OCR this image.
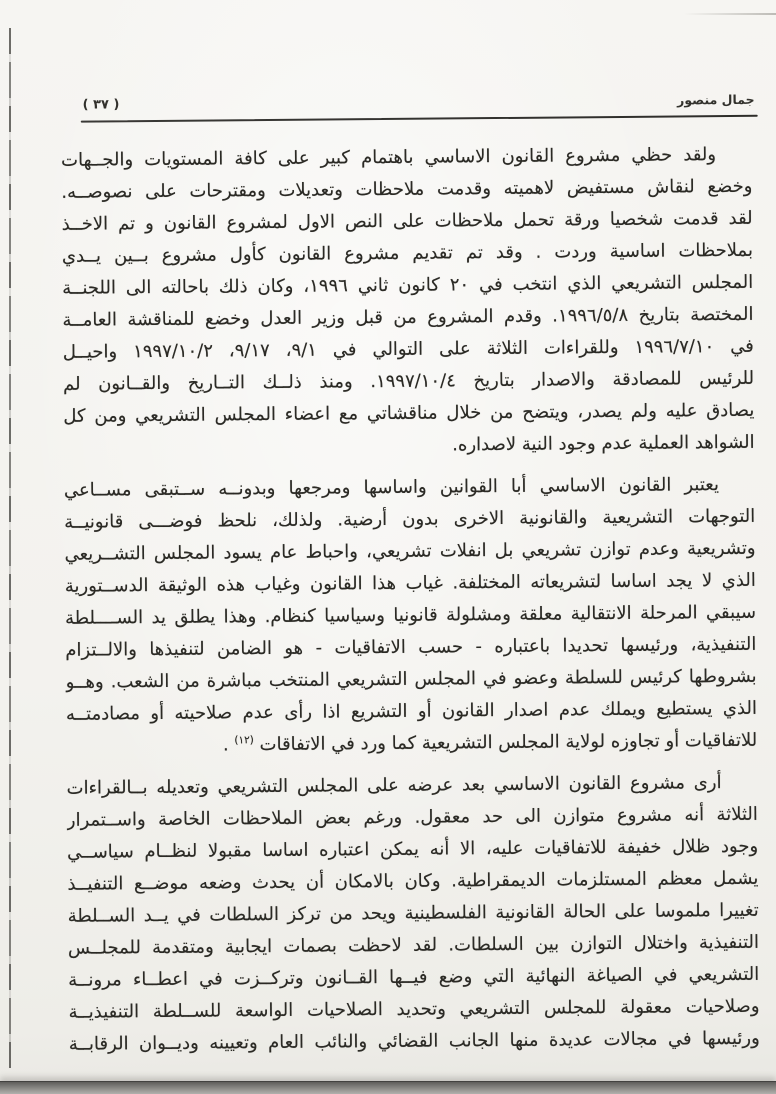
جمال منصور
( ٣٧ )
ولقد حظي مشروع القانون الاساسي باهتمام كبير على كافة المستويات والجــهات
وخضع لنقاش مستفيض لاهميته وقدمت ملاحظات وتعديلات ومقترحات على نصوصــه.
لقد قدمت شخصيا ورقة تحمل ملاحظات على النص الاول لمشروع القانون و تم الاخــذ
بملاحظات اساسية وردت . وقد تم تقديم مشروع القانون كأول مشروع بــين يــدي
المجلس التشريعي الذي انتخب في ٢٠ كانون ثاني ١٩٩٦، وكان ذلك باحالته الى اللجنــة
المختصة بتاريخ ١٩٩٦/٥/٨. وقدم المشروع من قبل وزير العدل وخضع للمناقشة العامــة
في ١٩٩٦/٧/١٠ وللقراءات الثلاثة على التوالي في ٩/١، ٩/١٧، ١٩٩٧/١٠/٢ واحيــل
للرئيس للمصادقة والاصدار بتاريخ ١٩٩٧/١٠/٤. ومنذ ذلــك التــاريخ والقــانون لم
يصادق عليه ولم يصدر، ويتضح من خلال مناقشاتي مع اعضاء المجلس التشريعي ومن كل
الشواهد العملية عدم وجود النية لاصداره.
يعتبر القانون الاساسي أبا القوانين واساسها ومرجعها وبدونــه ســتبقى مســاعي
التوجهات التشريعية والقانونية الاخرى بدون أرضية. ولذلك، نلحظ فوضـــى قانونيــة
وتشريعية وعدم توازن تشريعي بل انفلات تشريعي، واحباط عام يسود المجلس التشــريعي
الذي لا يجد اساسا لتشريعاته المختلفة. غياب هذا القانون وغياب هذه الوثيقة الدســتورية
سيبقي المرحلة الانتقالية معلقة ومشلولة قانونيا وسياسيا كنظام. وهذا يطلق يد الســــلطة
التنفيذية، ورئيسها تحديدا باعتباره - حسب الاتفاقيات - هو الضامن لتنفيذها والالــتزام
بشروطها كرئيس للسلطة وعضو في المجلس التشريعي المنتخب مباشرة من الشعب. وهــو
الذي يستطيع ويملك عدم اصدار القانون أو التشريع اذا رأى عدم صلاحيته أو مصادمتــه
للاتفاقيات أو تجاوزه لولاية المجلس التشريعية كما ورد في الاتفاقات $^{(١٢)}$ .
أرى مشروع القانون الاساسي بعد عرضه على المجلس التشريعي وتعديله بــالقراءات
الثلاثة أنه مشروع متوازن الى حد معقول. ورغم بعض الملاحظات الخاصة واســتمرار
وجود ظلال خفيفة للاتفاقيات عليه، الا أنه يمكن اعتباره اساسا مقبولا لنظــام سياســي
يشمل معظم المستلزمات الديمقراطية. وكان بالامكان أن يحدث وضعه موضــع التنفيــذ
تغييرا ملموسا على الحالة القانونية الفلسطينية ويحد من تركز السلطات في يــد الســلطة
التنفيذية واختلال التوازن بين السلطات. لقد لاحظت بصمات ايجابية ومتقدمة للمجلــس
التشريعي في الصياغة النهائية التي وضع فيــها القــانون وتركــزت في اعطــاء مرونــة
وصلاحيات معقولة للمجلس التشريعي وتحديد الصلاحيات الواسعة للســلطة التنفيذيــة
ورئيسها في مجالات عديدة منها الجانب القضائي والنائب العام وتعيينه وديــوان الرقابــة
